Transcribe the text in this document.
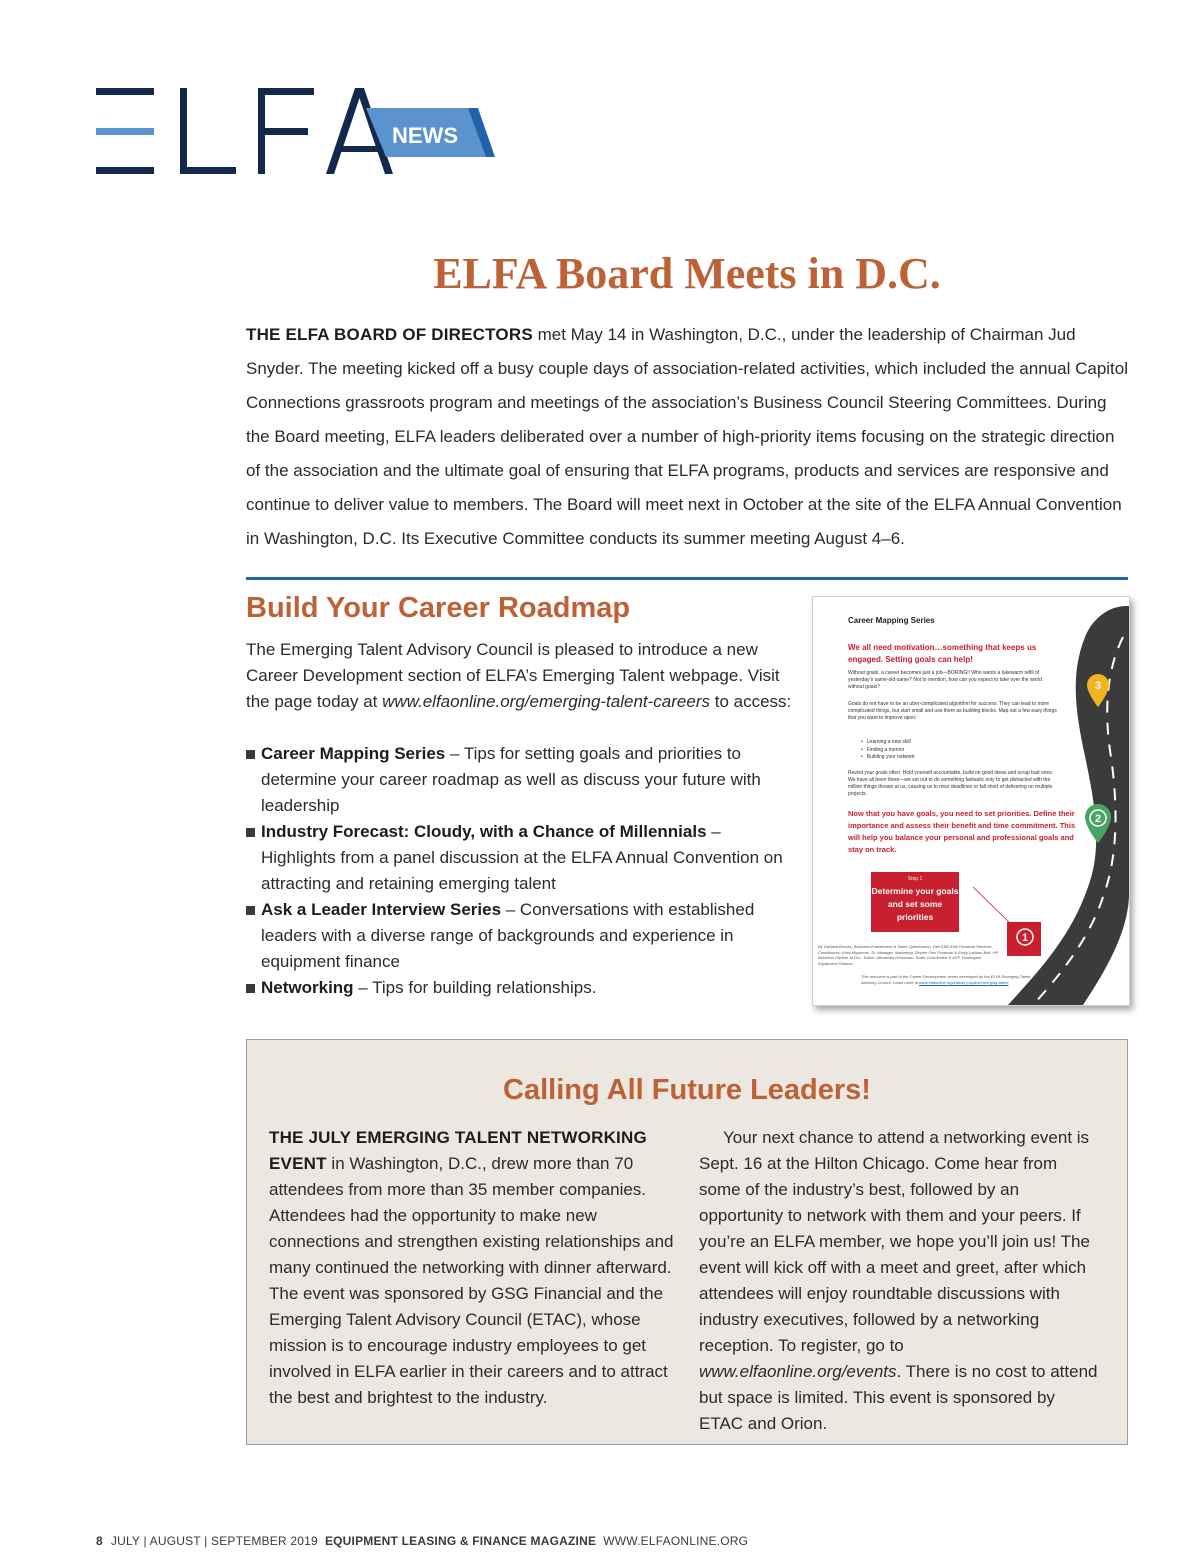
NEWS
ELFA Board Meets in D.C.

THE ELFA BOARD OF DIRECTORS met May 14 in Washington, D.C., under the leadership of Chairman Jud Snyder. The meeting kicked off a busy couple days of association-related activities, which included the annual Capitol Connections grassroots program and meetings of the association’s Business Council Steering Committees. During the Board meeting, ELFA leaders deliberated over a number of high-priority items focusing on the strategic direction of the association and the ultimate goal of ensuring that ELFA programs, products and services are responsive and continue to deliver value to members. The Board will meet next in October at the site of the ELFA Annual Convention in Washington, D.C. Its Executive Committee conducts its summer meeting August 4–6.

Build Your Career Roadmap

The Emerging Talent Advisory Council is pleased to introduce a new Career Development section of ELFA’s Emerging Talent webpage. Visit the page today at www.elfaonline.org/emerging-talent-careers to access:

Career Mapping Series – Tips for setting goals and priorities to determine your career roadmap as well as discuss your future with leadership
Industry Forecast: Cloudy, with a Chance of Millennials – Highlights from a panel discussion at the ELFA Annual Convention on attracting and retaining emerging talent
Ask a Leader Interview Series – Conversations with established leaders with a diverse range of backgrounds and experience in equipment finance
Networking – Tips for building relationships.
3
2
1
Career Mapping Series
We all need motivation…something that keeps us engaged. Setting goals can help!
Without goals, a career becomes just a job—BORING!! Who wants a lukewarm refill of yesterday’s same-old-same? Not to mention, how can you expect to take over the world without goals?
Goals do not have to be an uber-complicated algorithm for success. They can lead to more complicated things, but start small and use them as building blocks. Map out a few easy things that you want to improve upon:
• Learning a new skill
• Finding a mentor
• Building your network
Revisit your goals often. Hold yourself accountable, build on good ideas and scrap bad ones. We have all been there—we set out to do something fantastic only to get distracted with the million things thrown at us, causing us to miss deadlines or fall short of delivering on multiple projects.
Now that you have goals, you need to set priorities. Define their importance and assess their benefit and time commitment. This will help you balance your personal and professional goals and stay on track.
Step 1
Determine your goals and set some priorities
By Garland Brooks, Business Enablement & Sales Optimization, Dell EMC/Dell Financial Services. Contributors: Kara Miyamoto, Sr. Manager, Marketing, Stryker Flex Financial & Emily Latham Bolt, HP Business Partner at DLL. Editor: Alexandra Dressman, Sales Coordinator II &VP, Huntington Equipment Finance.
This resource is part of the Career Development series developed by the ELFA Emerging Talent Advisory Council. Learn more at www.elfaonline.org/industry-topics/emerging-talent
Calling All Future Leaders!

THE JULY EMERGING TALENT NETWORKING EVENT in Washington, D.C., drew more than 70 attendees from more than 35 member companies. Attendees had the opportunity to make new connections and strengthen existing relationships and many continued the networking with dinner afterward. The event was sponsored by GSG Financial and the Emerging Talent Advisory Council (ETAC), whose mission is to encourage industry employees to get involved in ELFA earlier in their careers and to attract the best and brightest to the industry.

Your next chance to attend a networking event is Sept. 16 at the Hilton Chicago. Come hear from some of the industry’s best, followed by an opportunity to network with them and your peers. If you’re an ELFA member, we hope you’ll join us! The event will kick off with a meet and greet, after which attendees will enjoy roundtable discussions with industry executives, followed by a networking reception. To register, go to www.elfaonline.org/events. There is no cost to attend but space is limited. This event is sponsored by ETAC and Orion.

8 JULY | AUGUST | SEPTEMBER 2019 EQUIPMENT LEASING & FINANCE MAGAZINE WWW.ELFAONLINE.ORG
